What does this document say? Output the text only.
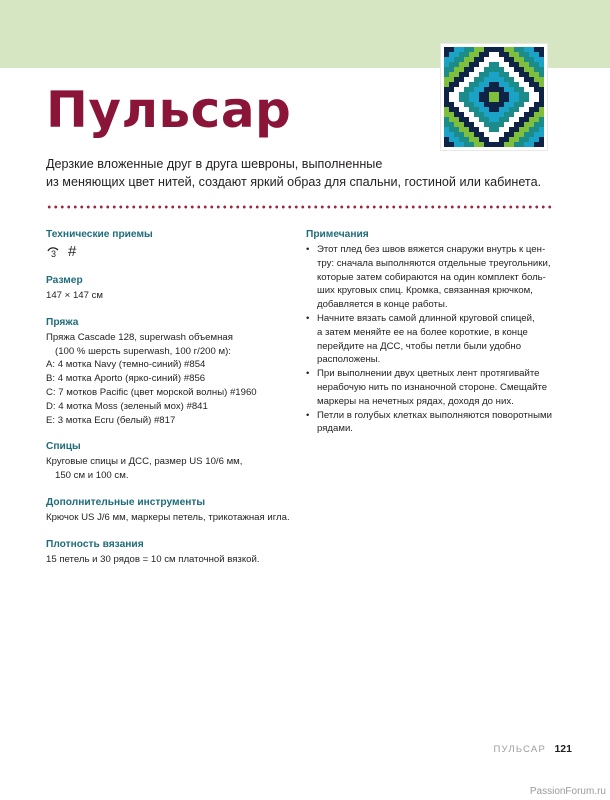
Пульсар
Дерзкие вложенные друг в друга шевроны, выполненные
из меняющих цвет нитей, создают яркий образ для спальни, гостиной или кабинета.
Технические приемы
3 #
Размер
147 × 147 см
Пряжа
Пряжа Cascade 128, superwash объемная
(100 % шерсть superwash, 100 г/200 м):
A: 4 мотка Navy (темно-синий) #854
B: 4 мотка Aporto (ярко-синий) #856
C: 7 мотков Pacific (цвет морской волны) #1960
D: 4 мотка Moss (зеленый мох) #841
E: 3 мотка Ecru (белый) #817
Спицы
Круговые спицы и ДСС, размер US 10/6 мм,
150 см и 100 см.
Дополнительные инструменты
Крючок US J/6 мм, маркеры петель, трикотажная игла.
Плотность вязания
15 петель и 30 рядов = 10 см платочной вязкой.
Примечания
• Этот плед без швов вяжется снаружи внутрь к цен-
тру: сначала выполняются отдельные треугольники,
которые затем собираются на один комплект боль-
ших круговых спиц. Кромка, связанная крючком,
добавляется в конце работы.
• Начните вязать самой длинной круговой спицей,
а затем меняйте ее на более короткие, в конце
перейдите на ДСС, чтобы петли были удобно
расположены.
• При выполнении двух цветных лент протягивайте
нерабочую нить по изнаночной стороне. Смещайте
маркеры на нечетных рядах, доходя до них.
• Петли в голубых клетках выполняются поворотными
рядами.
ПУЛЬСАР 121
PassionForum.ru
